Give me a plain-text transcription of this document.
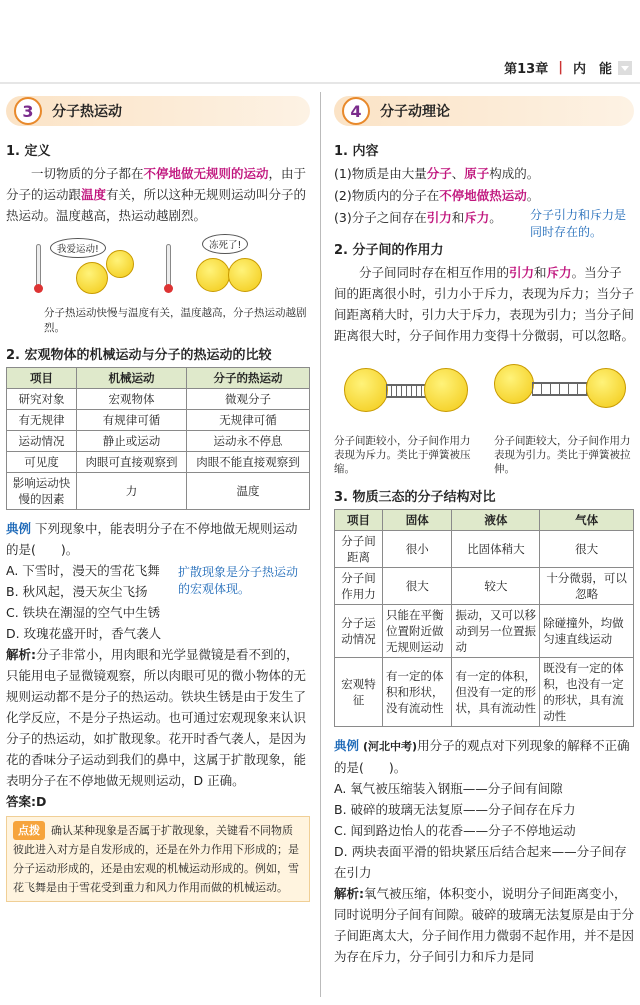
第13章 | 内　能
3	分子热运动
1. 定义

一切物质的分子都在不停地做无规则的运动，由于分子的运动跟温度有关，所以这种无规则运动叫分子的热运动。温度越高，热运动越剧烈。

我爱运动!	冻死了!
分子热运动快慢与温度有关，温度越高，分子热运动越剧烈。
2. 宏观物体的机械运动与分子的热运动的比较
项目	机械运动	分子的热运动
研究对象	宏观物体	微观分子
有无规律	有规律可循	无规律可循
运动情况	静止或运动	运动永不停息
可见度	肉眼可直接观察到	肉眼不能直接观察到
影响运动快慢的因素	力	温度
典例 下列现象中，能表明分子在不停地做无规则运动的是(　　)。
扩散现象是分子热运动的宏观体现。
A. 下雪时，漫天的雪花飞舞
B. 秋风起，漫天灰尘飞扬
C. 铁块在潮湿的空气中生锈
D. 玫瑰花盛开时，香气袭人
解析:分子非常小，用肉眼和光学显微镜是看不到的，只能用电子显微镜观察，所以肉眼可见的微小物体的无规则运动都不是分子的热运动。铁块生锈是由于发生了化学反应，不是分子热运动。也可通过宏观现象来认识分子的热运动，如扩散现象。花开时香气袭人，是因为花的香味分子运动到我们的鼻中，这属于扩散现象，能表明分子在不停地做无规则运动，D 正确。
答案:D
点拨 确认某种现象是否属于扩散现象，关键看不同物质彼此进入对方是自发形成的，还是在外力作用下形成的；是分子运动形成的，还是由宏观的机械运动形成的。例如，雪花飞舞是由于雪花受到重力和风力作用而做的机械运动。
4	分子动理论
1. 内容
(1)物质是由大量分子、原子构成的。
(2)物质内的分子在不停地做热运动。
(3)分子之间存在引力和斥力。	分子引力和斥力是同时存在的。
2. 分子间的作用力

分子间同时存在相互作用的引力和斥力。当分子间的距离很小时，引力小于斥力，表现为斥力；当分子间距离稍大时，引力大于斥力，表现为引力；当分子间距离很大时，分子间作用力变得十分微弱，可以忽略。

分子间距较小，分子间作用力表现为斥力。类比于弹簧被压缩。
分子间距较大，分子间作用力表现为引力。类比于弹簧被拉伸。
3. 物质三态的分子结构对比
项目	固体	液体	气体
分子间距离	很小	比固体稍大	很大
分子间作用力	很大	较大	十分微弱，可以忽略
分子运动情况	只能在平衡位置附近做无规则运动	振动，又可以移动到另一位置振动	除碰撞外，均做匀速直线运动
宏观特征	有一定的体积和形状，没有流动性	有一定的体积，但没有一定的形状，具有流动性	既没有一定的体积，也没有一定的形状，具有流动性
典例 (河北中考)用分子的观点对下列现象的解释不正确的是(　　)。
A. 氧气被压缩装入钢瓶——分子间有间隙
B. 破碎的玻璃无法复原——分子间存在斥力
C. 闻到路边怡人的花香——分子不停地运动
D. 两块表面平滑的铅块紧压后结合起来——分子间存在引力
解析:氧气被压缩，体积变小，说明分子间距离变小，同时说明分子间有间隙。破碎的玻璃无法复原是由于分子间距离太大，分子间作用力微弱不起作用，并不是因为存在斥力，分子间引力和斥力是同
